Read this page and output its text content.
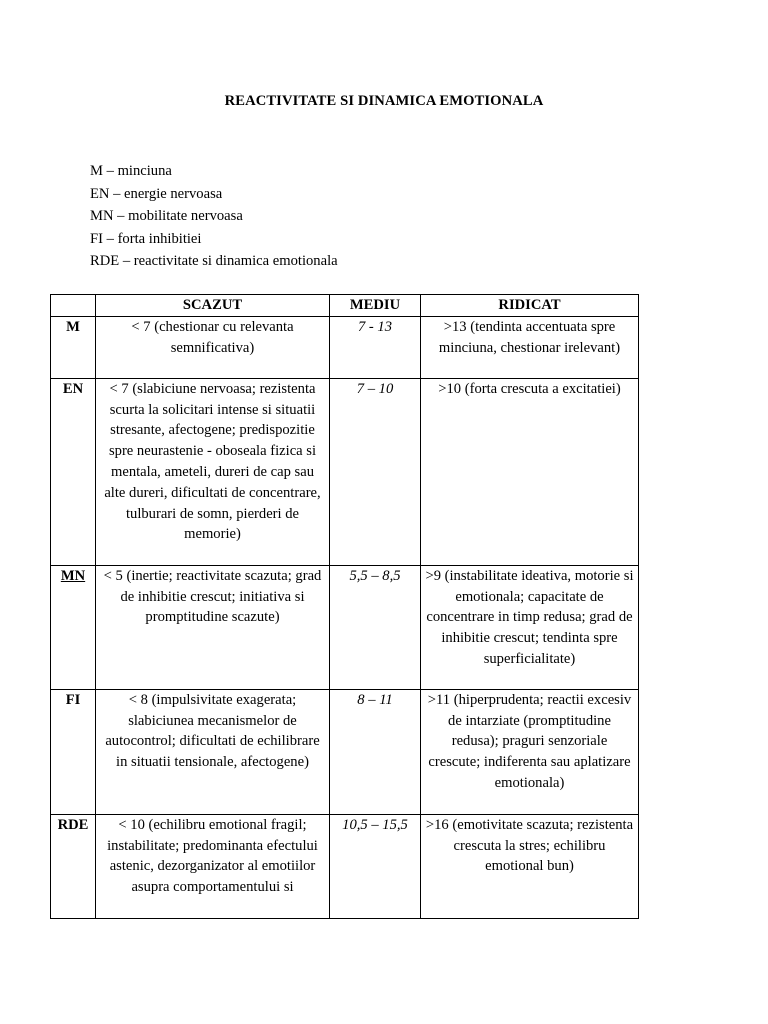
REACTIVITATE SI DINAMICA EMOTIONALA
M – minciuna
EN – energie nervoasa
MN – mobilitate nervoasa
FI – forta inhibitiei
RDE – reactivitate si dinamica emotionala
	SCAZUT	MEDIU	RIDICAT
M	< 7 (chestionar cu relevanta semnificativa)	7 - 13	>13 (tendinta accentuata spre minciuna, chestionar irelevant)
EN	< 7 (slabiciune nervoasa; rezistenta scurta la solicitari intense si situatii stresante, afectogene; predispozitie spre neurastenie - oboseala fizica si mentala, ameteli, dureri de cap sau alte dureri, dificultati de concentrare, tulburari de somn, pierderi de memorie)	7 – 10	>10 (forta crescuta a excitatiei)
MN	< 5 (inertie; reactivitate scazuta; grad de inhibitie crescut; initiativa si promptitudine scazute)	5,5 – 8,5	>9 (instabilitate ideativa, motorie si emotionala; capacitate de concentrare in timp redusa; grad de inhibitie crescut; tendinta spre superficialitate)
FI	< 8 (impulsivitate exagerata; slabiciunea mecanismelor de autocontrol; dificultati de echilibrare in situatii tensionale, afectogene)	8 – 11	>11 (hiperprudenta; reactii excesiv de intarziate (promptitudine redusa); praguri senzoriale crescute; indiferenta sau aplatizare emotionala)
RDE	< 10 (echilibru emotional fragil; instabilitate; predominanta efectului astenic, dezorganizator al emotiilor asupra comportamentului si	10,5 – 15,5	>16 (emotivitate scazuta; rezistenta crescuta la stres; echilibru emotional bun)
